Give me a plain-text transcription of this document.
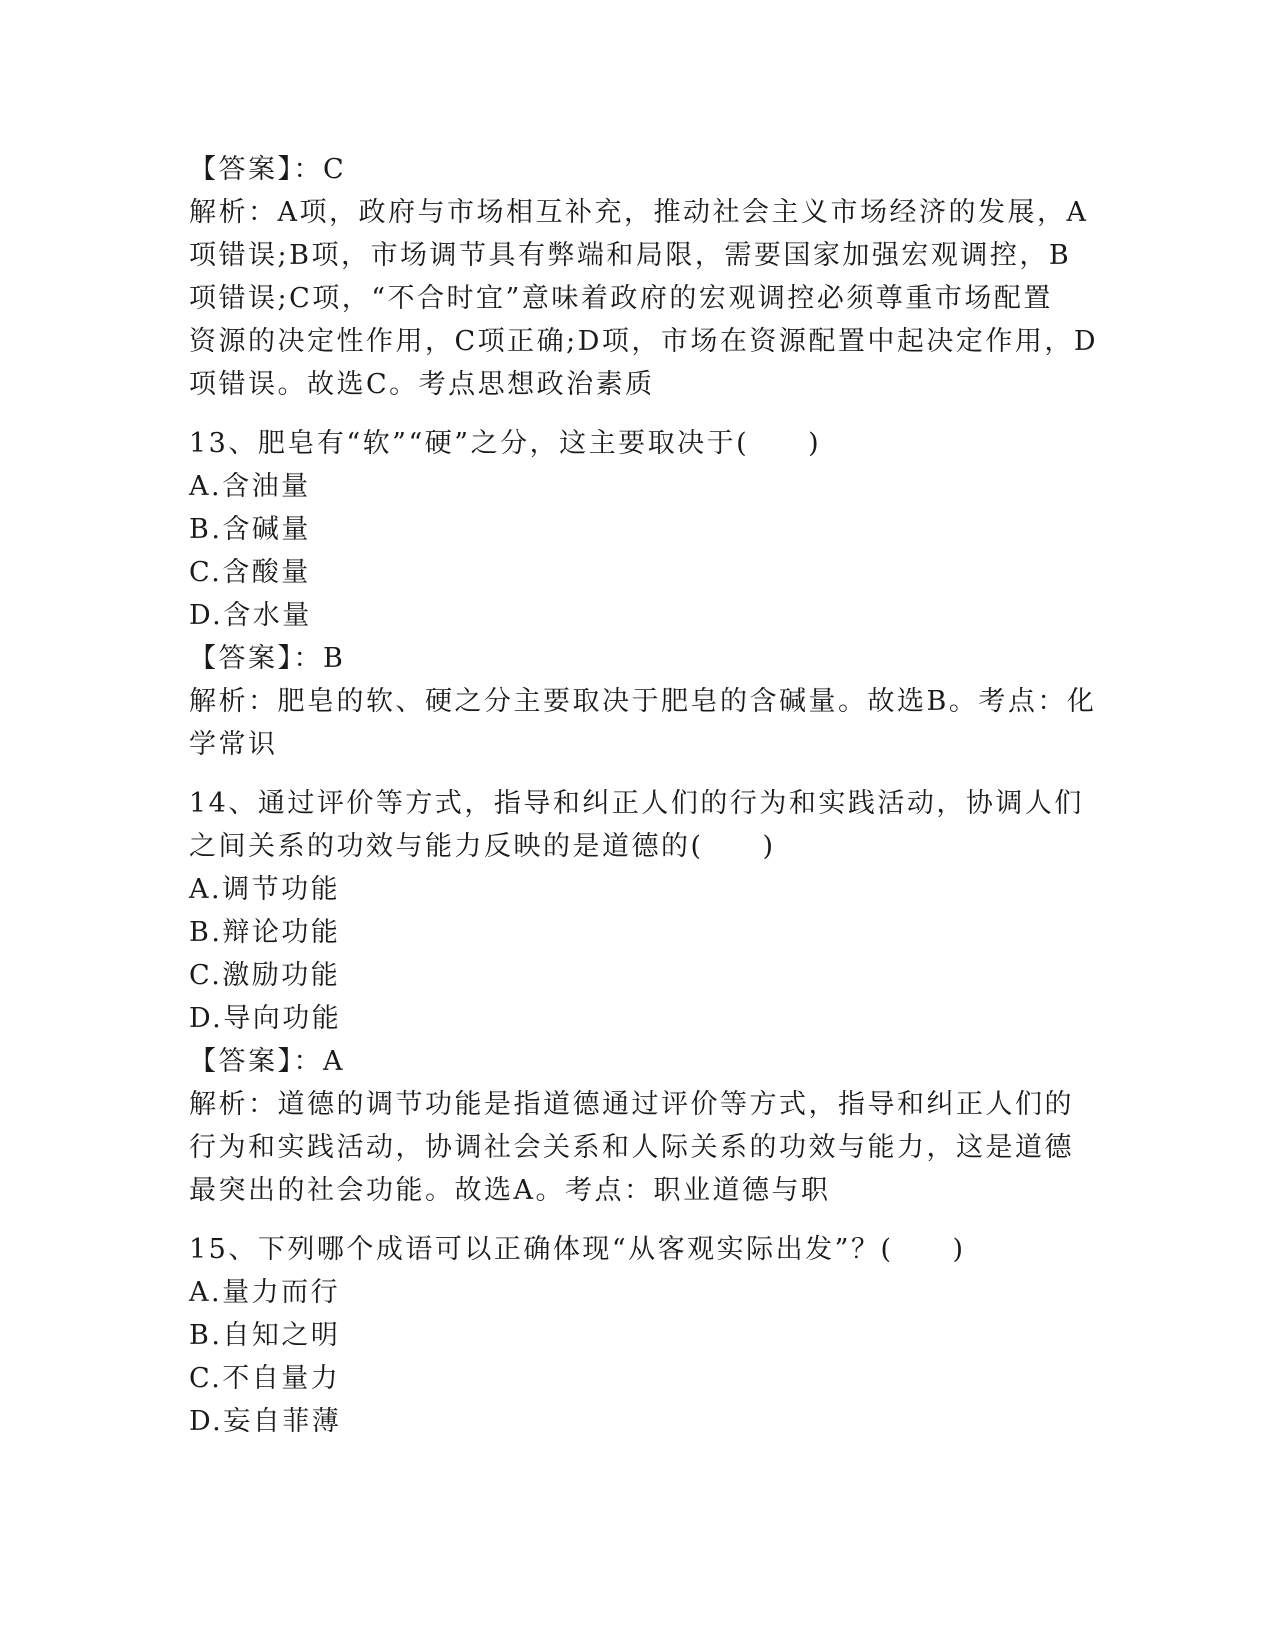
【答案】：C
解析：A项，政府与市场相互补充，推动社会主义市场经济的发展，A
项错误;B项，市场调节具有弊端和局限，需要国家加强宏观调控，B
项错误;C项，“不合时宜”意味着政府的宏观调控必须尊重市场配置
资源的决定性作用，C项正确;D项，市场在资源配置中起决定作用，D
项错误。故选C。考点思想政治素质
13、肥皂有“软”“硬”之分，这主要取决于(　　)
A.含油量
B.含碱量
C.含酸量
D.含水量
【答案】：B
解析：肥皂的软、硬之分主要取决于肥皂的含碱量。故选B。考点：化
学常识
14、通过评价等方式，指导和纠正人们的行为和实践活动，协调人们
之间关系的功效与能力反映的是道德的(　　)
A.调节功能
B.辩论功能
C.激励功能
D.导向功能
【答案】：A
解析：道德的调节功能是指道德通过评价等方式，指导和纠正人们的
行为和实践活动，协调社会关系和人际关系的功效与能力，这是道德
最突出的社会功能。故选A。考点：职业道德与职
15、下列哪个成语可以正确体现“从客观实际出发”？(　　)
A.量力而行
B.自知之明
C.不自量力
D.妄自菲薄
